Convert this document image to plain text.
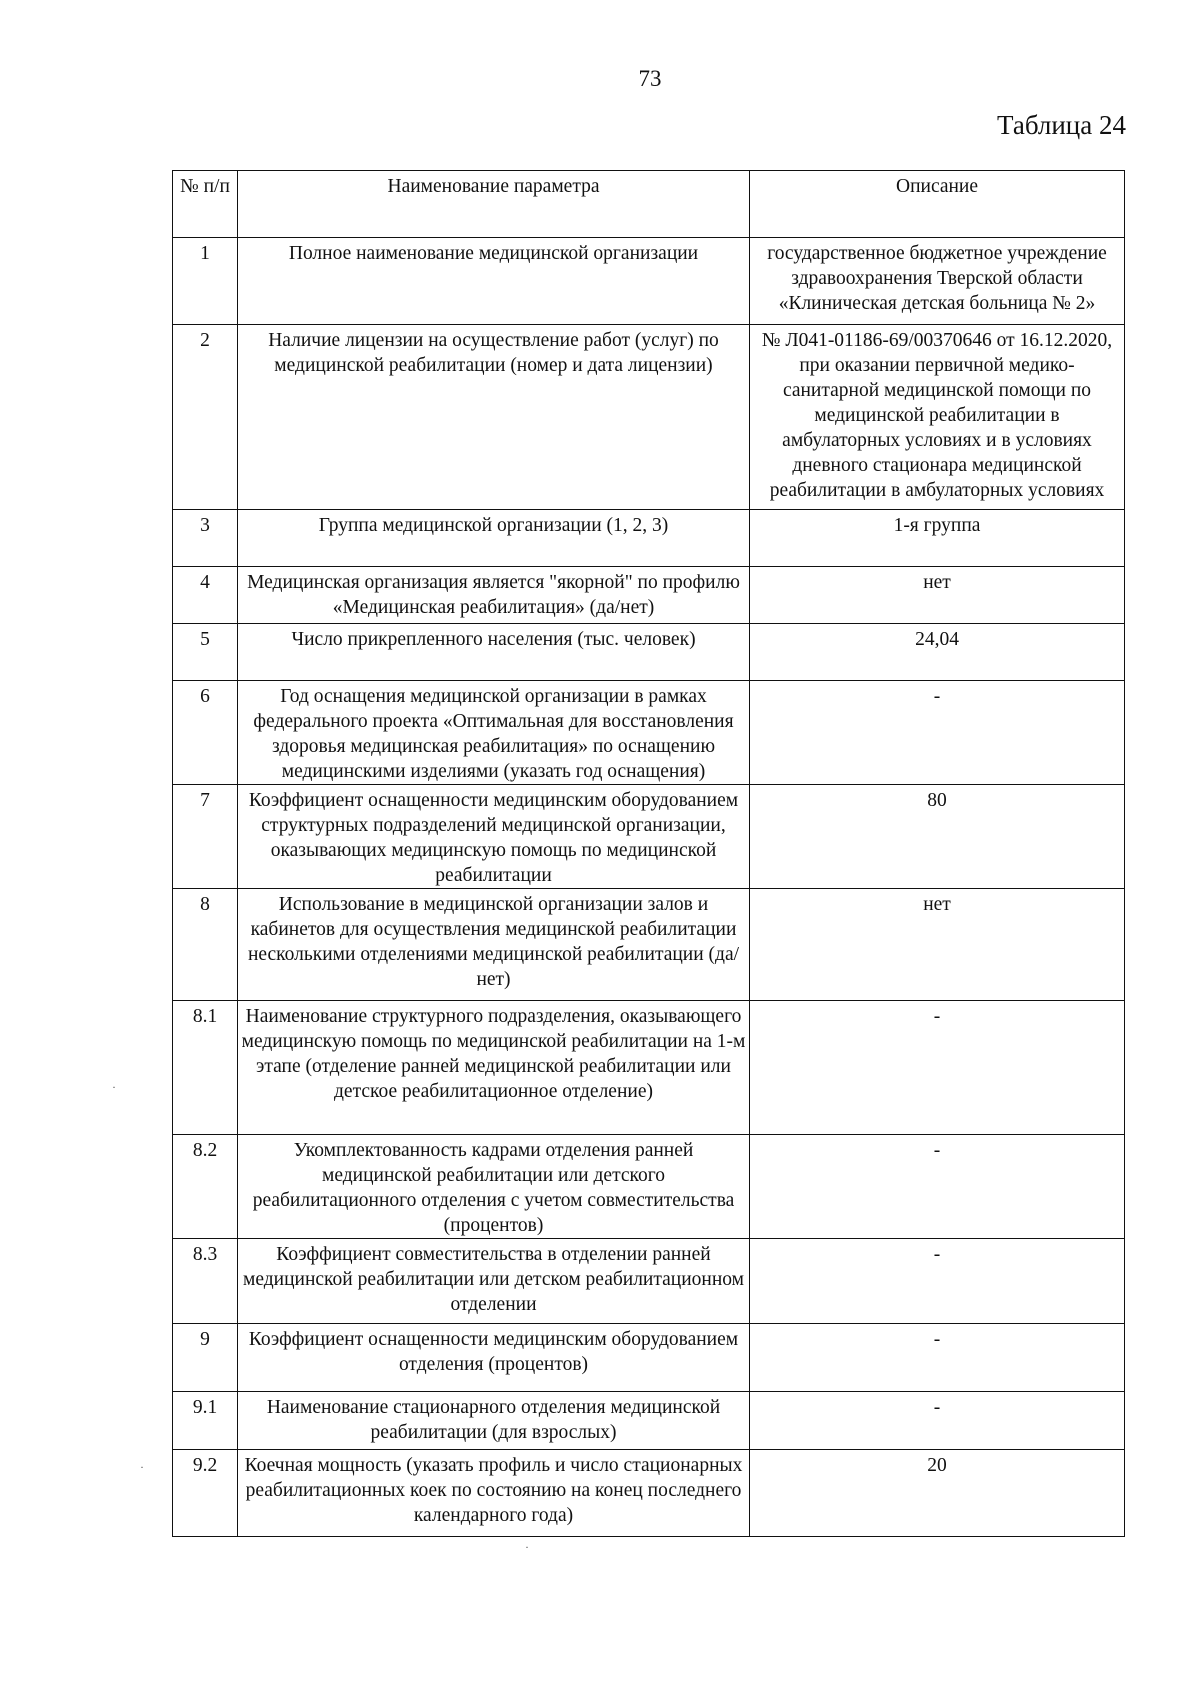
73
Таблица 24
№ п/п	Наименование параметра	Описание
1	Полное наименование медицинской организации	государственное бюджетное учреждение здравоохранения Тверской области «Клиническая детская больница № 2»
2	Наличие лицензии на осуществление работ (услуг) по медицинской реабилитации (номер и дата лицензии)	№ Л041-01186-69/00370646 от 16.12.2020, при оказании первичной медико-санитарной медицинской помощи по медицинской реабилитации в амбулаторных условиях и в условиях дневного стационара медицинской реабилитации в амбулаторных условиях
3	Группа медицинской организации (1, 2, 3)	1-я группа
4	Медицинская организация является "якорной" по профилю «Медицинская реабилитация» (да/нет)	нет
5	Число прикрепленного населения (тыс. человек)	24,04
6	Год оснащения медицинской организации в рамках федерального проекта «Оптимальная для восстановления здоровья медицинская реабилитация» по оснащению медицинскими изделиями (указать год оснащения)	-
7	Коэффициент оснащенности медицинским оборудованием структурных подразделений медицинской организации, оказывающих медицинскую помощь по медицинской реабилитации	80
8	Использование в медицинской организации залов и кабинетов для осуществления медицинской реабилитации несколькими отделениями медицинской реабилитации (да/нет)	нет
8.1	Наименование структурного подразделения, оказывающего медицинскую помощь по медицинской реабилитации на 1-м этапе (отделение ранней медицинской реабилитации или детское реабилитационное отделение)	-
8.2	Укомплектованность кадрами отделения ранней медицинской реабилитации или детского реабилитационного отделения с учетом совместительства (процентов)	-
8.3	Коэффициент совместительства в отделении ранней медицинской реабилитации или детском реабилитационном отделении	-
9	Коэффициент оснащенности медицинским оборудованием отделения (процентов)	-
9.1	Наименование стационарного отделения медицинской реабилитации (для взрослых)	-
9.2	Коечная мощность (указать профиль и число стационарных реабилитационных коек по состоянию на конец последнего календарного года)	20
·
·
·
